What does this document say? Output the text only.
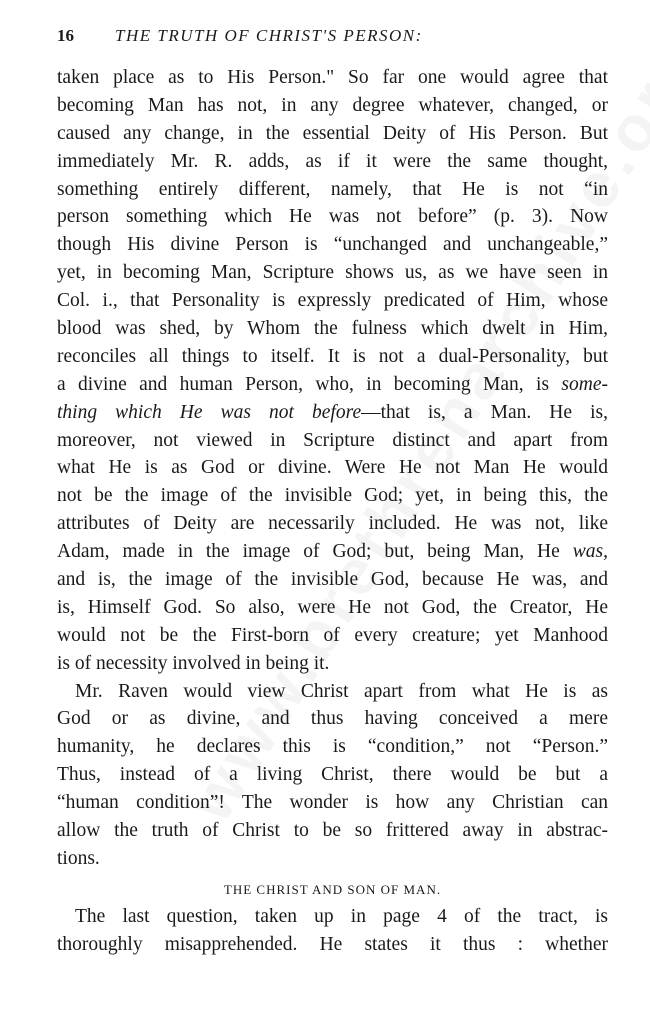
16 THE TRUTH OF CHRIST'S PERSON:
taken place as to His Person." So far one would agree that
becoming Man has not, in any degree whatever, changed, or
caused any change, in the essential Deity of His Person. But
immediately Mr. R. adds, as if it were the same thought,
something entirely different, namely, that He is not “in
person something which He was not before” (p. 3). Now
though His divine Person is “unchanged and unchangeable,”
yet, in becoming Man, Scripture shows us, as we have seen in
Col. i., that Personality is expressly predicated of Him, whose
blood was shed, by Whom the fulness which dwelt in Him,
reconciles all things to itself. It is not a dual-Personality, but
a divine and human Person, who, in becoming Man, is some-
thing which He was not before—that is, a Man. He is,
moreover, not viewed in Scripture distinct and apart from
what He is as God or divine. Were He not Man He would
not be the image of the invisible God; yet, in being this, the
attributes of Deity are necessarily included. He was not, like
Adam, made in the image of God; but, being Man, He was,
and is, the image of the invisible God, because He was, and
is, Himself God. So also, were He not God, the Creator, He
would not be the First-born of every creature; yet Manhood
is of necessity involved in being it.
Mr. Raven would view Christ apart from what He is as
God or as divine, and thus having conceived a mere
humanity, he declares this is “condition,” not “Person.”
Thus, instead of a living Christ, there would be but a
“human condition”! The wonder is how any Christian can
allow the truth of Christ to be so frittered away in abstrac-
tions.
THE CHRIST AND SON OF MAN.
The last question, taken up in page 4 of the tract, is
thoroughly misapprehended. He states it thus : whether
